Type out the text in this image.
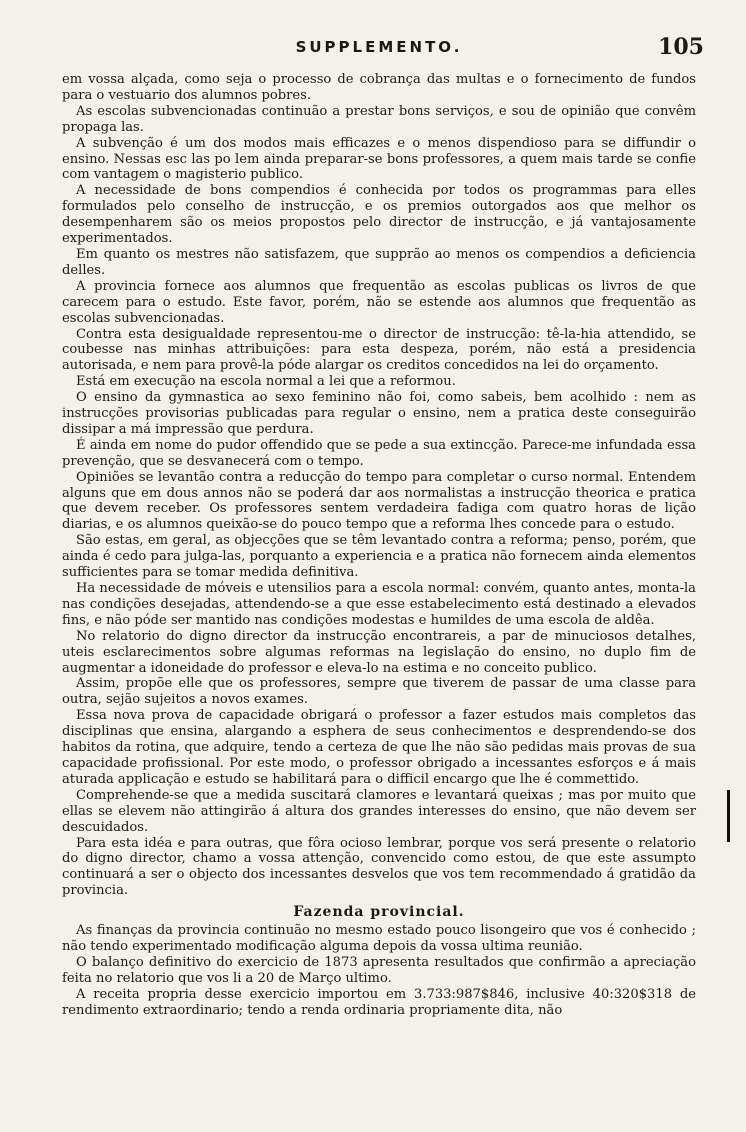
SUPPLEMENTO.	105

em vossa alçada, como seja o processo de cobrança das multas e o fornecimento de fundos para o vestuario dos alumnos pobres.

As escolas subvencionadas continuão a prestar bons serviços, e sou de opinião que convêm propaga las.

A subvenção é um dos modos mais efficazes e o menos dispendioso para se diffundir o ensino. Nessas esc las po lem ainda preparar-se bons professores, a quem mais tarde se confie com vantagem o magisterio publico.

A necessidade de bons compendios é conhecida por todos os programmas para elles formulados pelo conselho de instrucção, e os premios outorgados aos que melhor os desempenharem são os meios propostos pelo director de instrucção, e já vantajosamente experimentados.

Em quanto os mestres não satisfazem, que supprão ao menos os compendios a deficiencia delles.

A provincia fornece aos alumnos que frequentão as escolas publicas os livros de que carecem para o estudo. Este favor, porém, não se estende aos alumnos que frequentão as escolas subvencionadas.

Contra esta desigualdade representou-me o director de instrucção: tê-la-hia attendido, se coubesse nas minhas attribuições: para esta despeza, porém, não está a presidencia autorisada, e nem para provê-la póde alargar os creditos concedidos na lei do orçamento.

Está em execução na escola normal a lei que a reformou.

O ensino da gymnastica ao sexo feminino não foi, como sabeis, bem acolhido : nem as instrucções provisorias publicadas para regular o ensino, nem a pratica deste conseguirão dissipar a má impressão que perdura.

É ainda em nome do pudor offendido que se pede a sua extincção. Parece-me infundada essa prevenção, que se desvanecerá com o tempo.

Opiniões se levantão contra a reducção do tempo para completar o curso normal. Entendem alguns que em dous annos não se poderá dar aos normalistas a instrucção theorica e pratica que devem receber. Os professores sentem verdadeira fadiga com quatro horas de lição diarias, e os alumnos queixão-se do pouco tempo que a reforma lhes concede para o estudo.

São estas, em geral, as objecções que se têm levantado contra a reforma; penso, porém, que ainda é cedo para julga-las, porquanto a experiencia e a pratica não fornecem ainda elementos sufficientes para se tomar medida definitiva.

Ha necessidade de móveis e utensilios para a escola normal: convém, quanto antes, monta-la nas condições desejadas, attendendo-se a que esse estabelecimento está destinado a elevados fins, e não póde ser mantido nas condições modestas e humildes de uma escola de aldêa.

No relatorio do digno director da instrucção encontrareis, a par de minuciosos detalhes, uteis esclarecimentos sobre algumas reformas na legislação do ensino, no duplo fim de augmentar a idoneidade do professor e eleva-lo na estima e no conceito publico.

Assim, propõe elle que os professores, sempre que tiverem de passar de uma classe para outra, sejão sujeitos a novos exames.

Essa nova prova de capacidade obrigará o professor a fazer estudos mais completos das disciplinas que ensina, alargando a esphera de seus conhecimentos e desprendendo-se dos habitos da rotina, que adquire, tendo a certeza de que lhe não são pedidas mais provas de sua capacidade profissional. Por este modo, o professor obrigado a incessantes esforços e á mais aturada applicação e estudo se habilitará para o difficil encargo que lhe é commettido.

Comprehende-se que a medida suscitará clamores e levantará queixas ; mas por muito que ellas se elevem não attingirão á altura dos grandes interesses do ensino, que não devem ser descuidados.

Para esta idéa e para outras, que fôra ocioso lembrar, porque vos será presente o relatorio do digno director, chamo a vossa attenção, convencido como estou, de que este assumpto continuará a ser o objecto dos incessantes desvelos que vos tem recommendado á gratidão da provincia.

Fazenda provincial.

As finanças da provincia continuão no mesmo estado pouco lisongeiro que vos é conhecido ; não tendo experimentado modificação alguma depois da vossa ultima reunião.

O balanço definitivo do exercicio de 1873 apresenta resultados que confirmão a apreciação feita no relatorio que vos li a 20 de Março ultimo.

A receita propria desse exercicio importou em 3.733:987$846, inclusive 40:320$318 de rendimento extraordinario; tendo a renda ordinaria propriamente dita, não
